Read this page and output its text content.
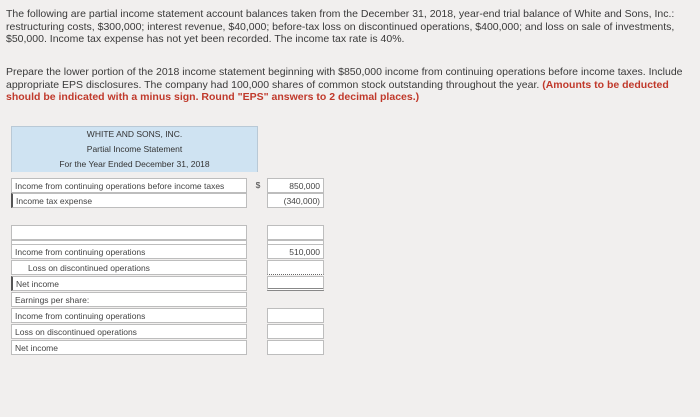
The following are partial income statement account balances taken from the December 31, 2018, year-end trial balance of White and Sons, Inc.: restructuring costs, $300,000; interest revenue, $40,000; before-tax loss on discontinued operations, $400,000; and loss on sale of investments, $50,000. Income tax expense has not yet been recorded. The income tax rate is 40%.
Prepare the lower portion of the 2018 income statement beginning with $850,000 income from continuing operations before income taxes. Include appropriate EPS disclosures. The company had 100,000 shares of common stock outstanding throughout the year. (Amounts to be deducted should be indicated with a minus sign. Round "EPS" answers to 2 decimal places.)
WHITE AND SONS, INC.
Partial Income Statement
For the Year Ended December 31, 2018
Income from continuing operations before income taxes	$	850,000
Income tax expense	(340,000)
Income from continuing operations	510,000
Loss on discontinued operations
Net income
Earnings per share:
Income from continuing operations
Loss on discontinued operations
Net income
